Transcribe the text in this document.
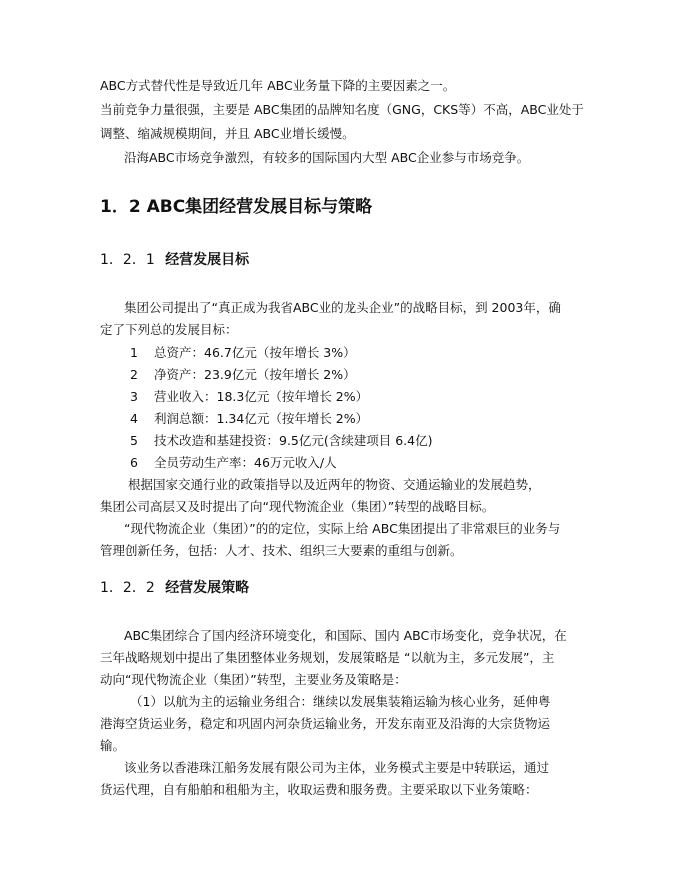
ABC方式替代性是导致近几年 ABC业务量下降的主要因素之一。
当前竞争力量很强，主要是 ABC集团的品牌知名度（GNG，CKS等）不高，ABC业处于
调整、缩减规模期间，并且 ABC业增长缓慢。
沿海ABC市场竞争激烈，有较多的国际国内大型 ABC企业参与市场竞争。
1．2 ABC集团经营发展目标与策略
1．2．1 经营发展目标
集团公司提出了“真正成为我省ABC业的龙头企业”的战略目标，到 2003年，确
定了下列总的发展目标：
1 总资产：46.7亿元（按年增长 3%）
2 净资产：23.9亿元（按年增长 2%）
3 营业收入：18.3亿元（按年增长 2%）
4 利润总额：1.34亿元（按年增长 2%）
5 技术改造和基建投资：9.5亿元(含续建项目 6.4亿)
6 全员劳动生产率：46万元收入/人
根据国家交通行业的政策指导以及近两年的物资、交通运输业的发展趋势，
集团公司高层又及时提出了向“现代物流企业（集团）”转型的战略目标。
“现代物流企业（集团）”的的定位，实际上给 ABC集团提出了非常艰巨的业务与
管理创新任务，包括：人才、技术、组织三大要素的重组与创新。
1．2．2 经营发展策略
ABC集团综合了国内经济环境变化，和国际、国内 ABC市场变化，竞争状况，在
三年战略规划中提出了集团整体业务规划，发展策略是 “以航为主，多元发展”，主
动向“现代物流企业（集团）”转型，主要业务及策略是：
（1）以航为主的运输业务组合：继续以发展集装箱运输为核心业务，延伸粤
港海空货运业务，稳定和巩固内河杂货运输业务，开发东南亚及沿海的大宗货物运
输。
该业务以香港珠江船务发展有限公司为主体，业务模式主要是中转联运，通过
货运代理，自有船舶和租船为主，收取运费和服务费。主要采取以下业务策略：
